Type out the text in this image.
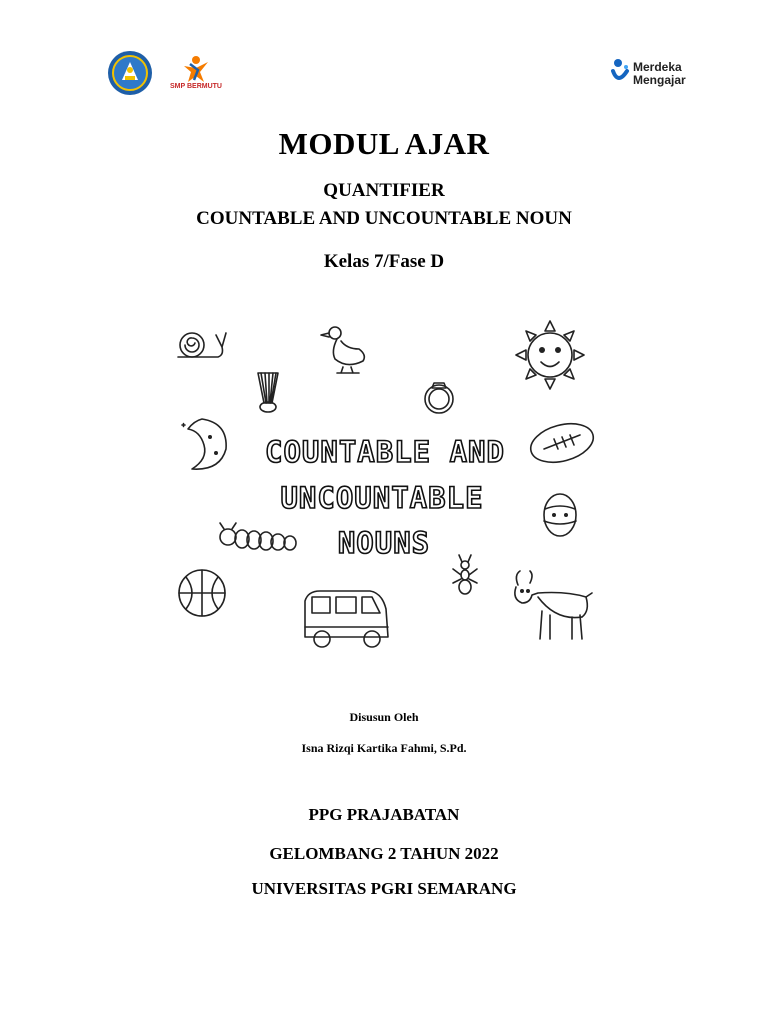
SMP BERMUTU
Merdeka
Mengajar
MODUL AJAR
QUANTIFIER
COUNTABLE AND UNCOUNTABLE NOUN
Kelas 7/Fase D
COUNTABLE AND
UNCOUNTABLE
NOUNS
Disusun Oleh
Isna Rizqi Kartika Fahmi, S.Pd.
PPG PRAJABATAN
GELOMBANG 2 TAHUN 2022
UNIVERSITAS PGRI SEMARANG
